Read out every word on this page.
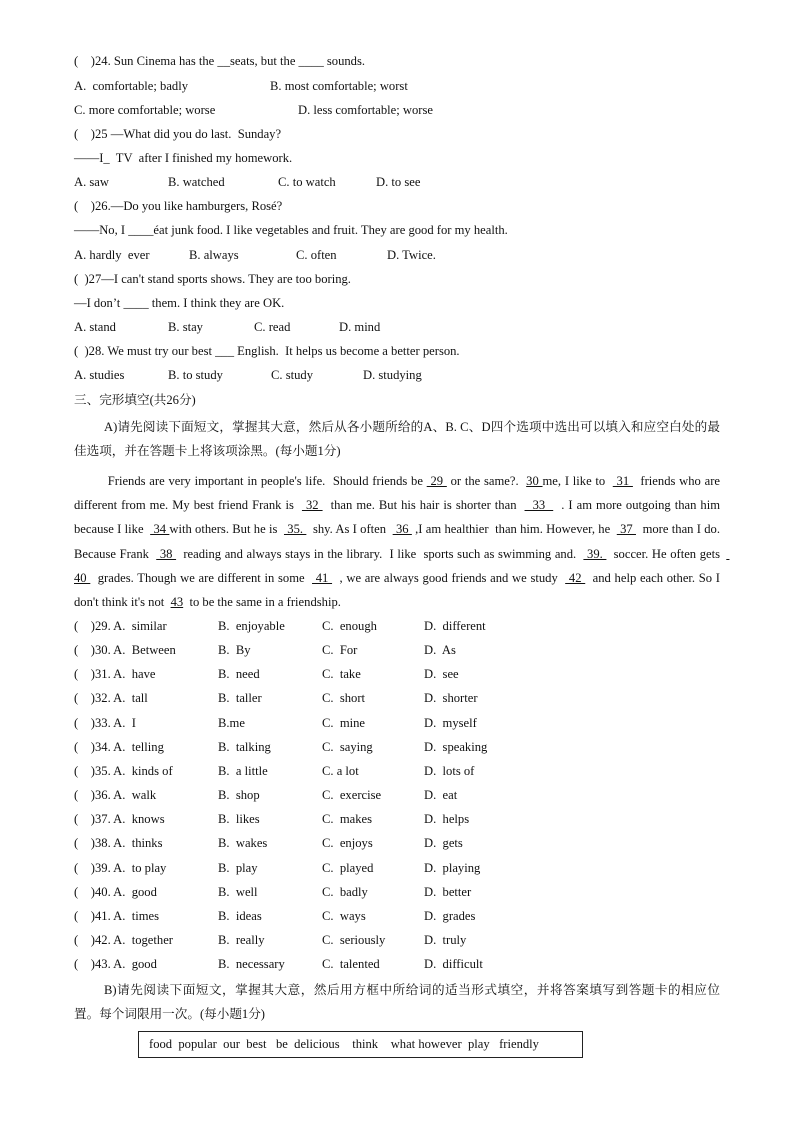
(    )24. Sun Cinema has the __seats, but the ____ sounds.
A.  comfortable; badly	B. most comfortable; worst
C. more comfortable; worse	D. less comfortable; worse
(    )25 —What did you do last.  Sunday?
——I_  TV  after I finished my homework.
A. saw	B. watched	C. to watch	D. to see
(    )26.—Do you like hamburgers, Rosé?
——No, I ____éat junk food. I like vegetables and fruit. They are good for my health.
A. hardly  ever	B. always	C. often	D. Twice.
(  )27—I can't stand sports shows. They are too boring.
—I don’t ____ them. I think they are OK.
A. stand	B. stay	C. read	D. mind
(  )28. We must try our best ___ English.  It helps us become a better person.
A. studies	B. to study	C. study	D. studying
三、完形填空(共26分)
A)请先阅读下面短文，掌握其大意，然后从各小题所给的A、B. C、D四个选项中选出可以填入和应空白处的最佳选项，并在答题卡上将该项涂黑。(每小题1分)
Friends are very important in people's life.  Should friends be  29  or the same?.  30 me, I like to   31   friends who are different from me. My best friend Frank is   32   than me. But his hair is shorter than    33    . I am more outgoing than him because I like   34 with others. But he is   35.   shy. As I often   36  ,I am healthier  than him. However, he   37   more than I do. Because Frank   38   reading and always stays in the library.  I like  sports such as swimming and.   39.   soccer. He often gets   40   grades. Though we are different in some   41   , we are always good friends and we study   42   and help each other. So I don't think it's not  43  to be the same in a friendship.
(    )29. A.  similar	B.  enjoyable	C.  enough	D.  different
(    )30. A.  Between	B.  By	C.  For	D.  As
(    )31. A.  have	B.  need	C.  take	D.  see
(    )32. A.  tall	B.  taller	C.  short	D.  shorter
(    )33. A.  I	B.me	C.  mine	D.  myself
(    )34. A.  telling	B.  talking	C.  saying	D.  speaking
(    )35. A.  kinds of	B.  a little	C. a lot	D.  lots of
(    )36. A.  walk	B.  shop	C.  exercise	D.  eat
(    )37. A.  knows	B.  likes	C.  makes	D.  helps
(    )38. A.  thinks	B.  wakes	C.  enjoys	D.  gets
(    )39. A.  to play	B.  play	C.  played	D.  playing
(    )40. A.  good	B.  well	C.  badly	D.  better
(    )41. A.  times	B.  ideas	C.  ways	D.  grades
(    )42. A.  together	B.  really	C.  seriously	D.  truly
(    )43. A.  good	B.  necessary	C.  talented	D.  difficult
B)请先阅读下面短文，掌握其大意，然后用方框中所给词的适当形式填空，并将答案填写到答题卡的相应位置。每个词限用一次。(每小题1分)
food  popular  our  best   be  delicious    think    what however  play   friendly
